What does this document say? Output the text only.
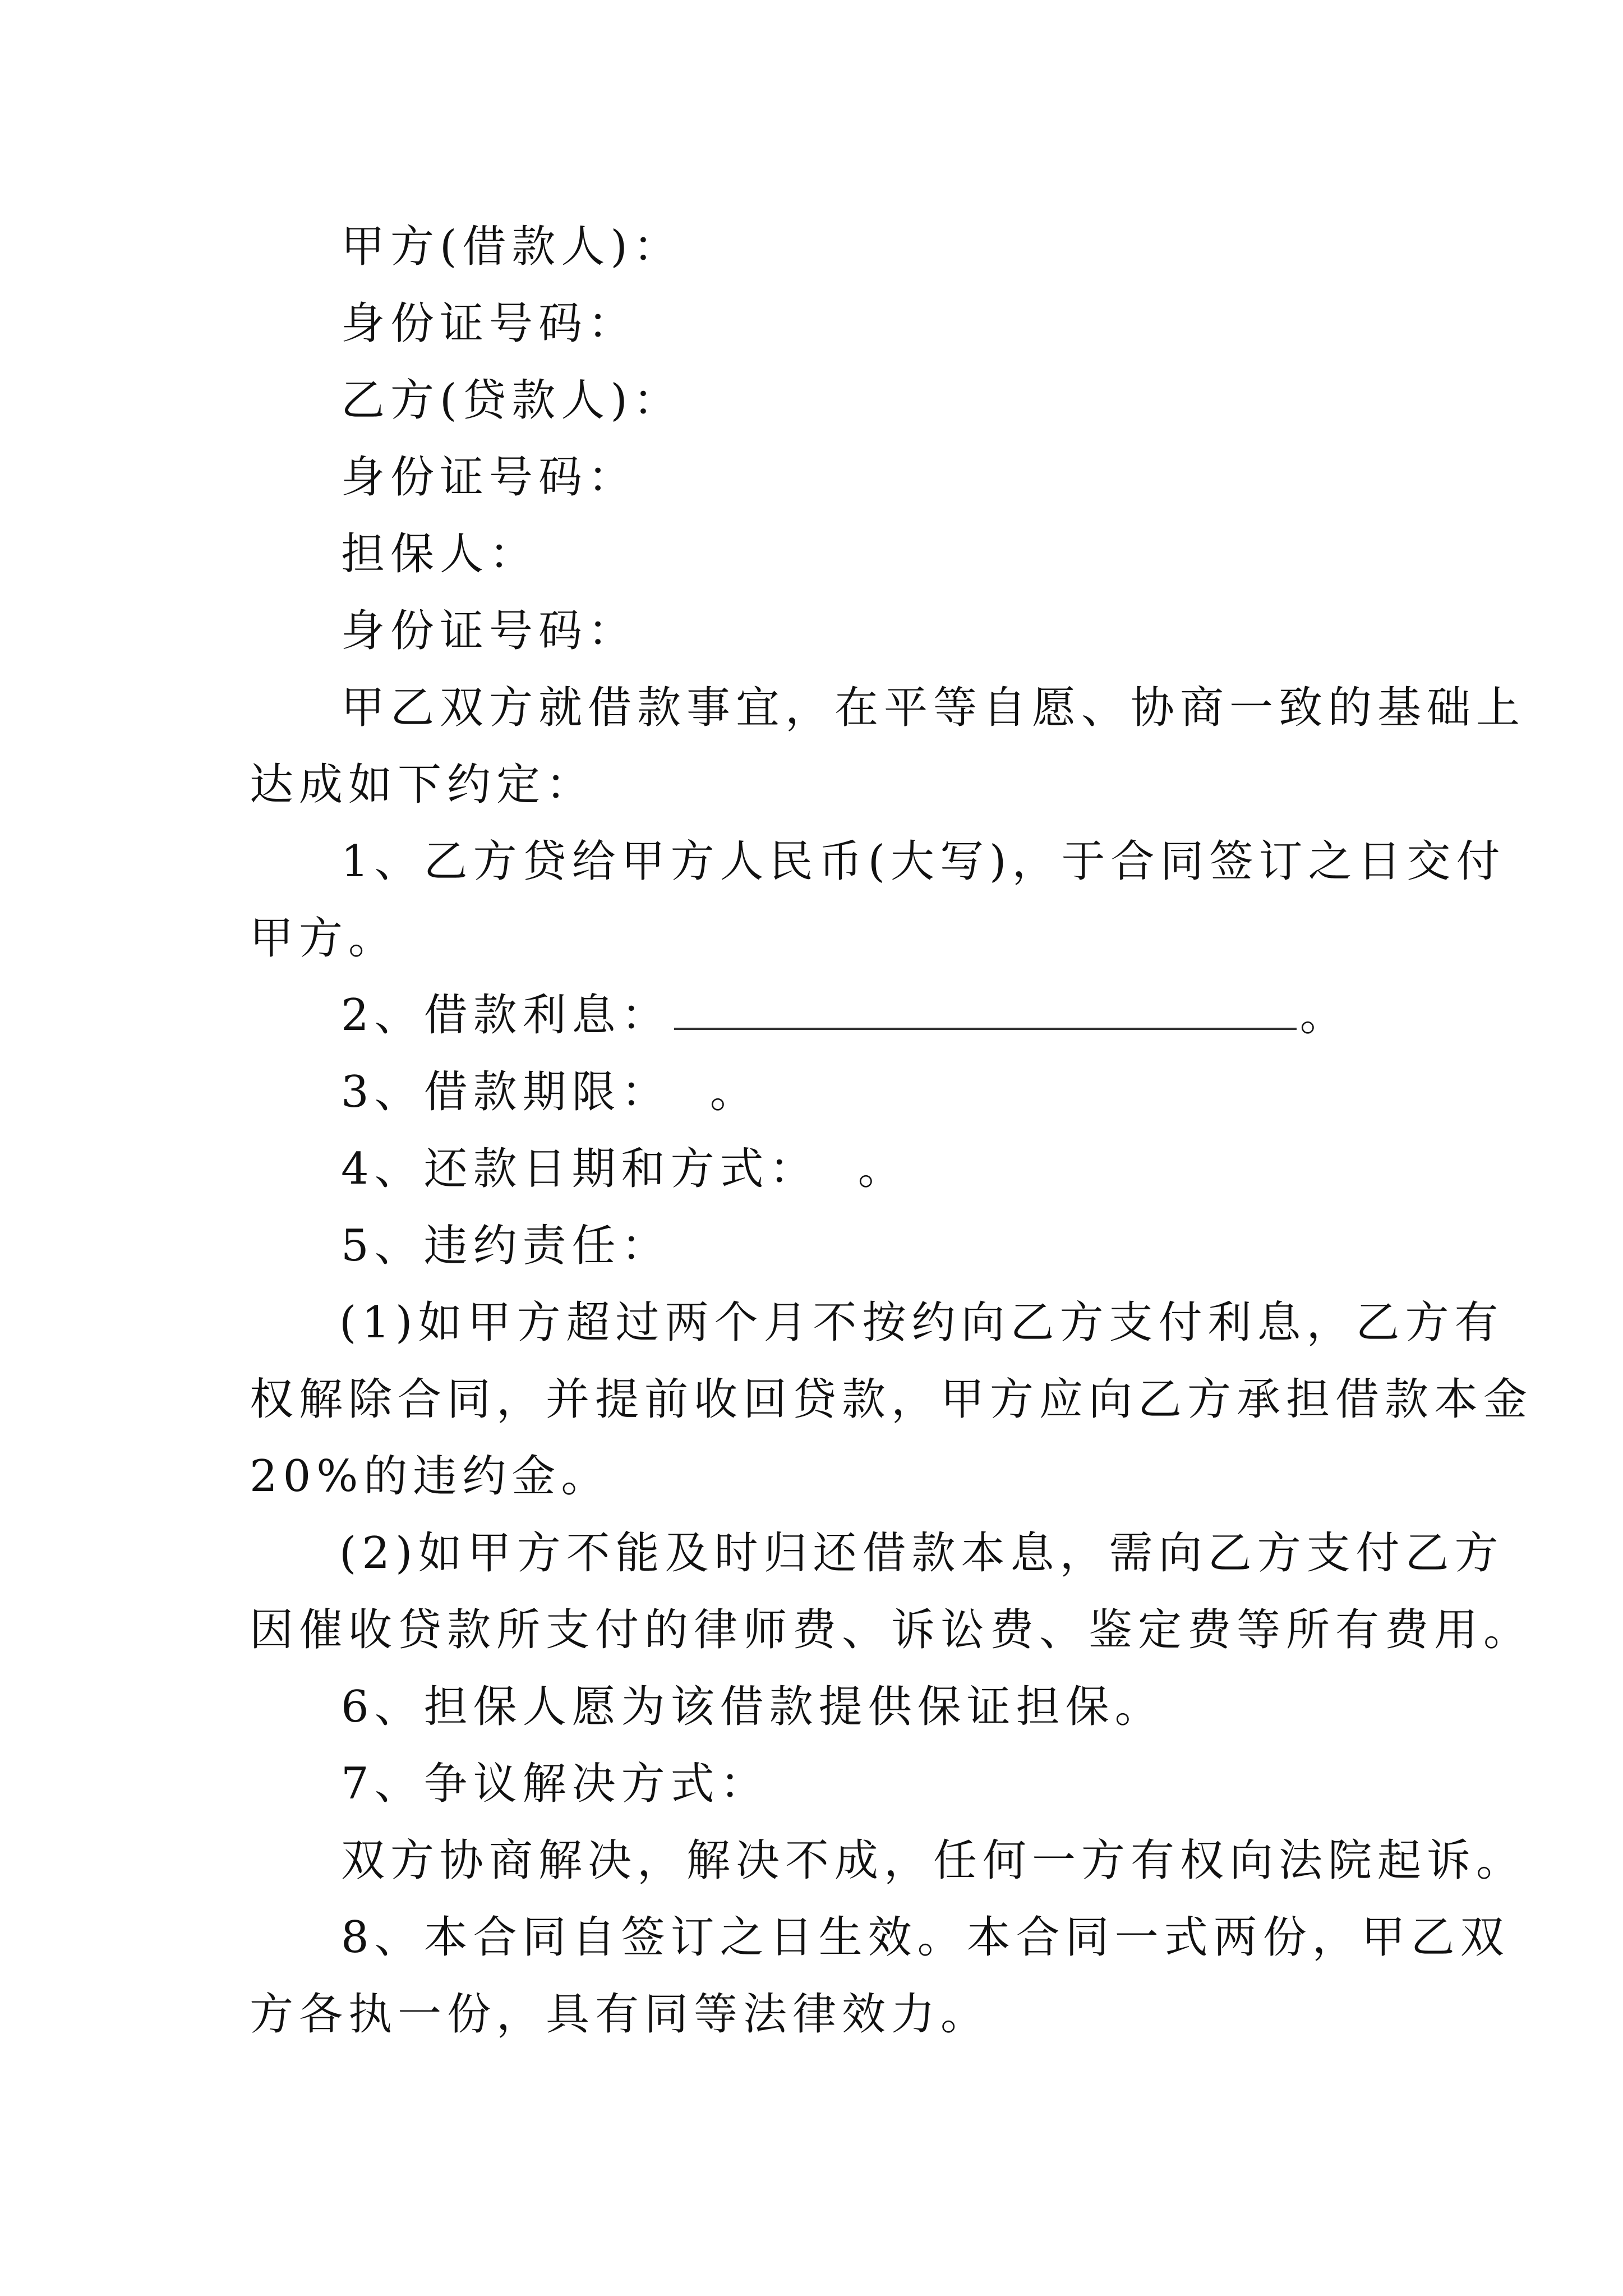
甲方(借款人)：
身份证号码：
乙方(贷款人)：
身份证号码：
担保人：
身份证号码：
甲乙双方就借款事宜，在平等自愿、协商一致的基础上
达成如下约定：
1、乙方贷给甲方人民币(大写)，于合同签订之日交付
甲方。
2、借款利息：	。
3、借款期限： 。
4、还款日期和方式： 。
5、违约责任：
(1)如甲方超过两个月不按约向乙方支付利息，乙方有
权解除合同，并提前收回贷款，甲方应向乙方承担借款本金
20%的违约金。
(2)如甲方不能及时归还借款本息，需向乙方支付乙方
因催收贷款所支付的律师费、诉讼费、鉴定费等所有费用。
6、担保人愿为该借款提供保证担保。
7、争议解决方式：
双方协商解决，解决不成，任何一方有权向法院起诉。
8、本合同自签订之日生效。本合同一式两份，甲乙双
方各执一份，具有同等法律效力。
